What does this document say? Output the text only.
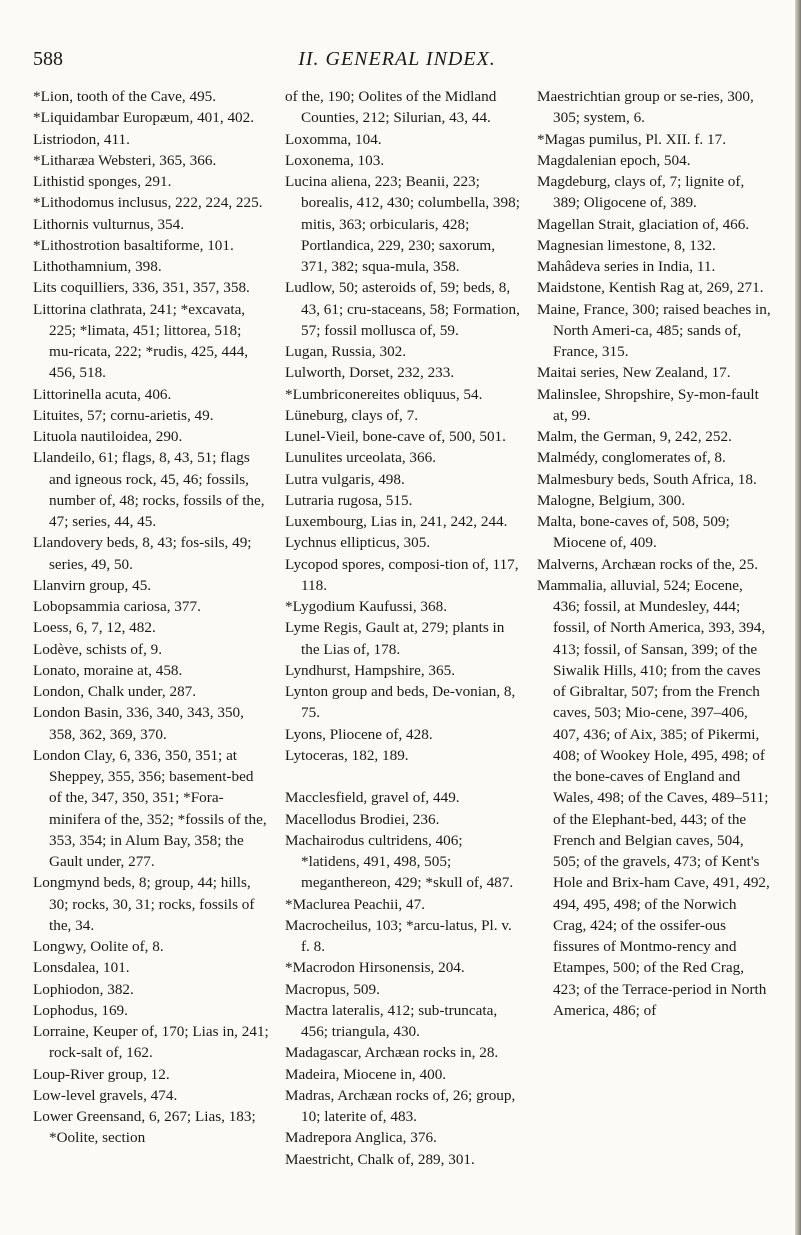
588	II. GENERAL INDEX.

*Lion, tooth of the Cave, 495.

*Liquidambar Europæum, 401, 402.

Listriodon, 411.

*Litharæa Websteri, 365, 366.

Lithistid sponges, 291.

*Lithodomus inclusus, 222, 224, 225.

Lithornis vulturnus, 354.

*Lithostrotion basaltiforme, 101.

Lithothamnium, 398.

Lits coquilliers, 336, 351, 357, 358.

Littorina clathrata, 241; *excavata, 225; *limata, 451; littorea, 518; mu-ricata, 222; *rudis, 425, 444, 456, 518.

Littorinella acuta, 406.

Lituites, 57; cornu-arietis, 49.

Lituola nautiloidea, 290.

Llandeilo, 61; flags, 8, 43, 51; flags and igneous rock, 45, 46; fossils, number of, 48; rocks, fossils of the, 47; series, 44, 45.

Llandovery beds, 8, 43; fos-sils, 49; series, 49, 50.

Llanvirn group, 45.

Lobopsammia cariosa, 377.

Loess, 6, 7, 12, 482.

Lodève, schists of, 9.

Lonato, moraine at, 458.

London, Chalk under, 287.

London Basin, 336, 340, 343, 350, 358, 362, 369, 370.

London Clay, 6, 336, 350, 351; at Sheppey, 355, 356; basement-bed of the, 347, 350, 351; *Fora-minifera of the, 352; *fossils of the, 353, 354; in Alum Bay, 358; the Gault under, 277.

Longmynd beds, 8; group, 44; hills, 30; rocks, 30, 31; rocks, fossils of the, 34.

Longwy, Oolite of, 8.

Lonsdalea, 101.

Lophiodon, 382.

Lophodus, 169.

Lorraine, Keuper of, 170; Lias in, 241; rock-salt of, 162.

Loup-River group, 12.

Low-level gravels, 474.

Lower Greensand, 6, 267; Lias, 183; *Oolite, section

of the, 190; Oolites of the Midland Counties, 212; Silurian, 43, 44.

Loxomma, 104.

Loxonema, 103.

Lucina aliena, 223; Beanii, 223; borealis, 412, 430; columbella, 398; mitis, 363; orbicularis, 428; Portlandica, 229, 230; saxorum, 371, 382; squa-mula, 358.

Ludlow, 50; asteroids of, 59; beds, 8, 43, 61; cru-staceans, 58; Formation, 57; fossil mollusca of, 59.

Lugan, Russia, 302.

Lulworth, Dorset, 232, 233.

*Lumbriconereites obliquus, 54.

Lüneburg, clays of, 7.

Lunel-Vieil, bone-cave of, 500, 501.

Lunulites urceolata, 366.

Lutra vulgaris, 498.

Lutraria rugosa, 515.

Luxembourg, Lias in, 241, 242, 244.

Lychnus ellipticus, 305.

Lycopod spores, composi-tion of, 117, 118.

*Lygodium Kaufussi, 368.

Lyme Regis, Gault at, 279; plants in the Lias of, 178.

Lyndhurst, Hampshire, 365.

Lynton group and beds, De-vonian, 8, 75.

Lyons, Pliocene of, 428.

Lytoceras, 182, 189.

Macclesfield, gravel of, 449.

Macellodus Brodiei, 236.

Machairodus cultridens, 406; *latidens, 491, 498, 505; meganthereon, 429; *skull of, 487.

*Maclurea Peachii, 47.

Macrocheilus, 103; *arcu-latus, Pl. v. f. 8.

*Macrodon Hirsonensis, 204.

Macropus, 509.

Mactra lateralis, 412; sub-truncata, 456; triangula, 430.

Madagascar, Archæan rocks in, 28.

Madeira, Miocene in, 400.

Madras, Archæan rocks of, 26; group, 10; laterite of, 483.

Madrepora Anglica, 376.

Maestricht, Chalk of, 289, 301.

Maestrichtian group or se-ries, 300, 305; system, 6.

*Magas pumilus, Pl. XII. f. 17.

Magdalenian epoch, 504.

Magdeburg, clays of, 7; lignite of, 389; Oligocene of, 389.

Magellan Strait, glaciation of, 466.

Magnesian limestone, 8, 132.

Mahâdeva series in India, 11.

Maidstone, Kentish Rag at, 269, 271.

Maine, France, 300; raised beaches in, North Ameri-ca, 485; sands of, France, 315.

Maitai series, New Zealand, 17.

Malinslee, Shropshire, Sy-mon-fault at, 99.

Malm, the German, 9, 242, 252.

Malmédy, conglomerates of, 8.

Malmesbury beds, South Africa, 18.

Malogne, Belgium, 300.

Malta, bone-caves of, 508, 509; Miocene of, 409.

Malverns, Archæan rocks of the, 25.

Mammalia, alluvial, 524; Eocene, 436; fossil, at Mundesley, 444; fossil, of North America, 393, 394, 413; fossil, of Sansan, 399; of the Siwalik Hills, 410; from the caves of Gibraltar, 507; from the French caves, 503; Mio-cene, 397–406, 407, 436; of Aix, 385; of Pikermi, 408; of Wookey Hole, 495, 498; of the bone-caves of England and Wales, 498; of the Caves, 489–511; of the Elephant-bed, 443; of the French and Belgian caves, 504, 505; of the gravels, 473; of Kent's Hole and Brix-ham Cave, 491, 492, 494, 495, 498; of the Norwich Crag, 424; of the ossifer-ous fissures of Montmo-rency and Etampes, 500; of the Red Crag, 423; of the Terrace-period in North America, 486; of
